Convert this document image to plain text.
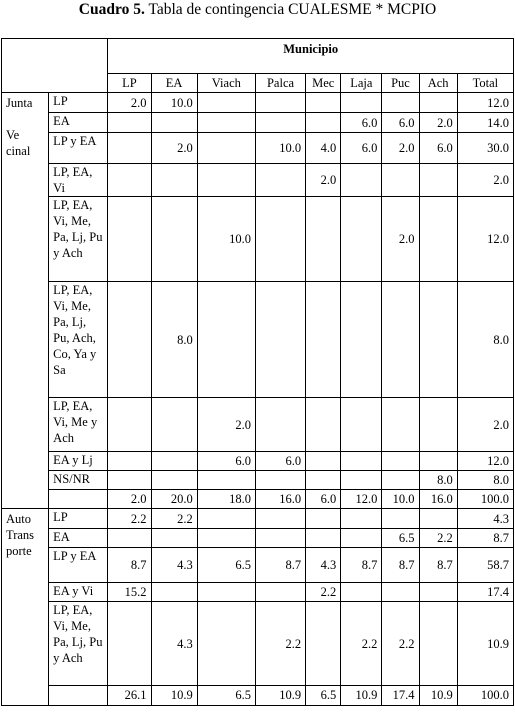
Cuadro 5. Tabla de contingencia CUALESME * MCPIO
		Municipio								
		LP	EA	Viach	Palca	Mec	Laja	Puc	Ach	Total

Junta
Ve
cinal	LP	2.0	10.0							12.0
	EA						6.0	6.0	2.0	14.0
	LP y EA		2.0		10.0	4.0	6.0	2.0	6.0	30.0
	LP, EA, Vi					2.0				2.0
	LP, EA, Vi, Me, Pa, Lj, Pu y Ach			10.0				2.0		12.0
	LP, EA, Vi, Me, Pa, Lj, Pu, Ach, Co, Ya y Sa		8.0							8.0
	LP, EA, Vi, Me y Ach			2.0						2.0
	EA y Lj			6.0	6.0					12.0
	NS/NR								8.0	8.0
		2.0	20.0	18.0	16.0	6.0	12.0	10.0	16.0	100.0

Auto
Trans
porte	LP	2.2	2.2							4.3
	EA							6.5	2.2	8.7
	LP y EA	8.7	4.3	6.5	8.7	4.3	8.7	8.7	8.7	58.7
	EA y Vi	15.2				2.2				17.4
	LP, EA, Vi, Me, Pa, Lj, Pu y Ach		4.3		2.2		2.2	2.2		10.9
		26.1	10.9	6.5	10.9	6.5	10.9	17.4	10.9	100.0
